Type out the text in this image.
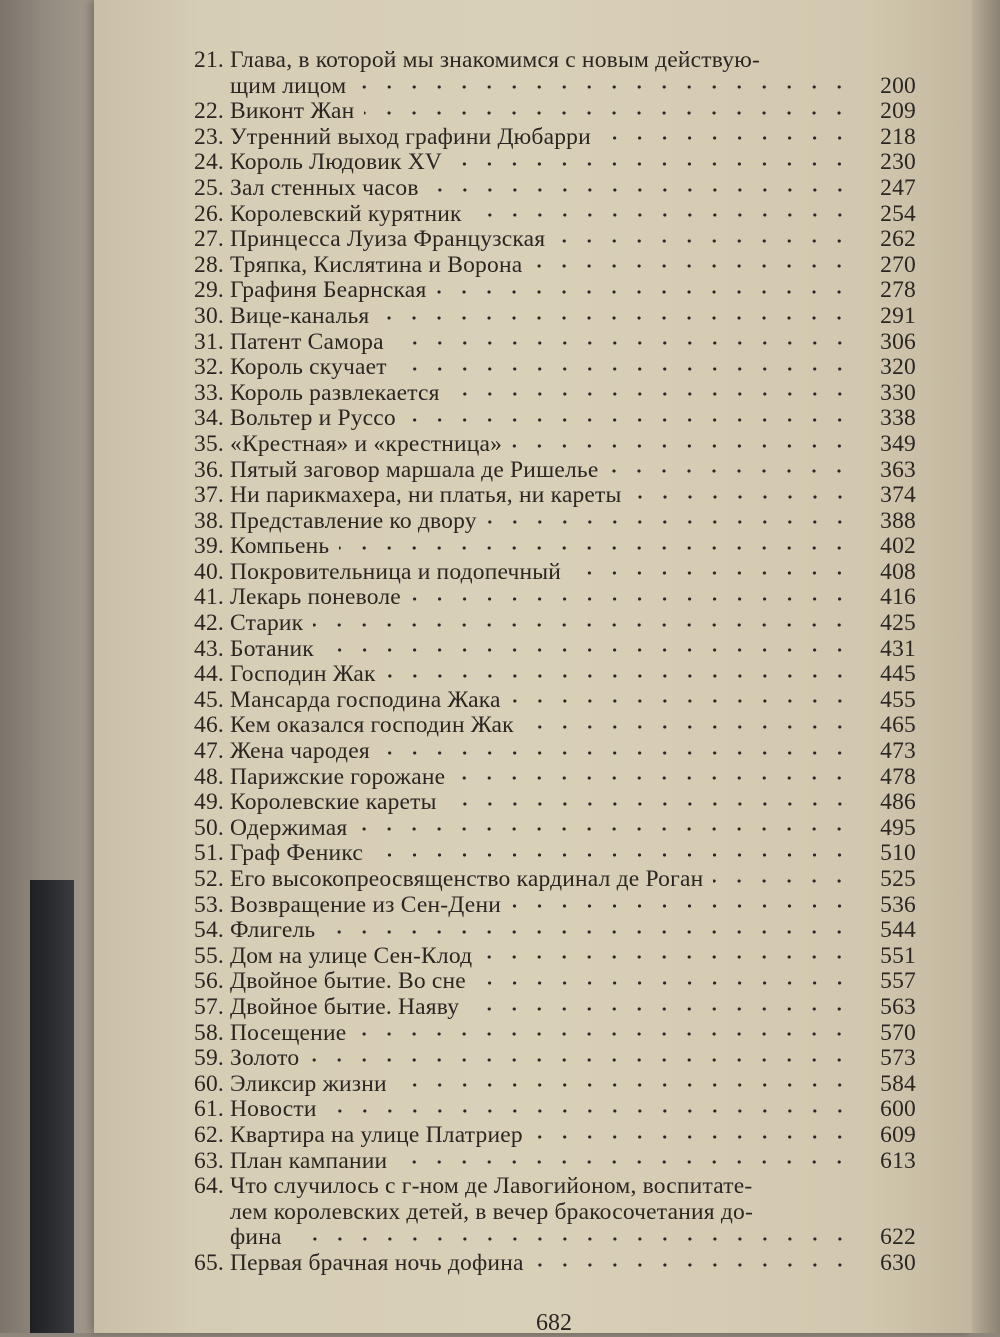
21. Глава, в которой мы знакомимся с новым действую-
щим лицом	200
22. Виконт Жан	209
23. Утренний выход графини Дюбарри	218
24. Король Людовик XV	230
25. Зал стенных часов	247
26. Королевский курятник	254
27. Принцесса Луиза Французская	262
28. Тряпка, Кислятина и Ворона	270
29. Графиня Беарнская	278
30. Вице-каналья	291
31. Патент Самора	306
32. Король скучает	320
33. Король развлекается	330
34. Вольтер и Руссо	338
35. «Крестная» и «крестница»	349
36. Пятый заговор маршала де Ришелье	363
37. Ни парикмахера, ни платья, ни кареты	374
38. Представление ко двору	388
39. Компьень	402
40. Покровительница и подопечный	408
41. Лекарь поневоле	416
42. Старик	425
43. Ботаник	431
44. Господин Жак	445
45. Мансарда господина Жака	455
46. Кем оказался господин Жак	465
47. Жена чародея	473
48. Парижские горожане	478
49. Королевские кареты	486
50. Одержимая	495
51. Граф Феникс	510
52. Его высокопреосвященство кардинал де Роган	525
53. Возвращение из Сен-Дени	536
54. Флигель	544
55. Дом на улице Сен-Клод	551
56. Двойное бытие. Во сне	557
57. Двойное бытие. Наяву	563
58. Посещение	570
59. Золото	573
60. Эликсир жизни	584
61. Новости	600
62. Квартира на улице Платриер	609
63. План кампании	613
64. Что случилось с г-ном де Лавогийоном, воспитате-
лем королевских детей, в вечер бракосочетания до-
фина	622
65. Первая брачная ночь дофина	630
682
